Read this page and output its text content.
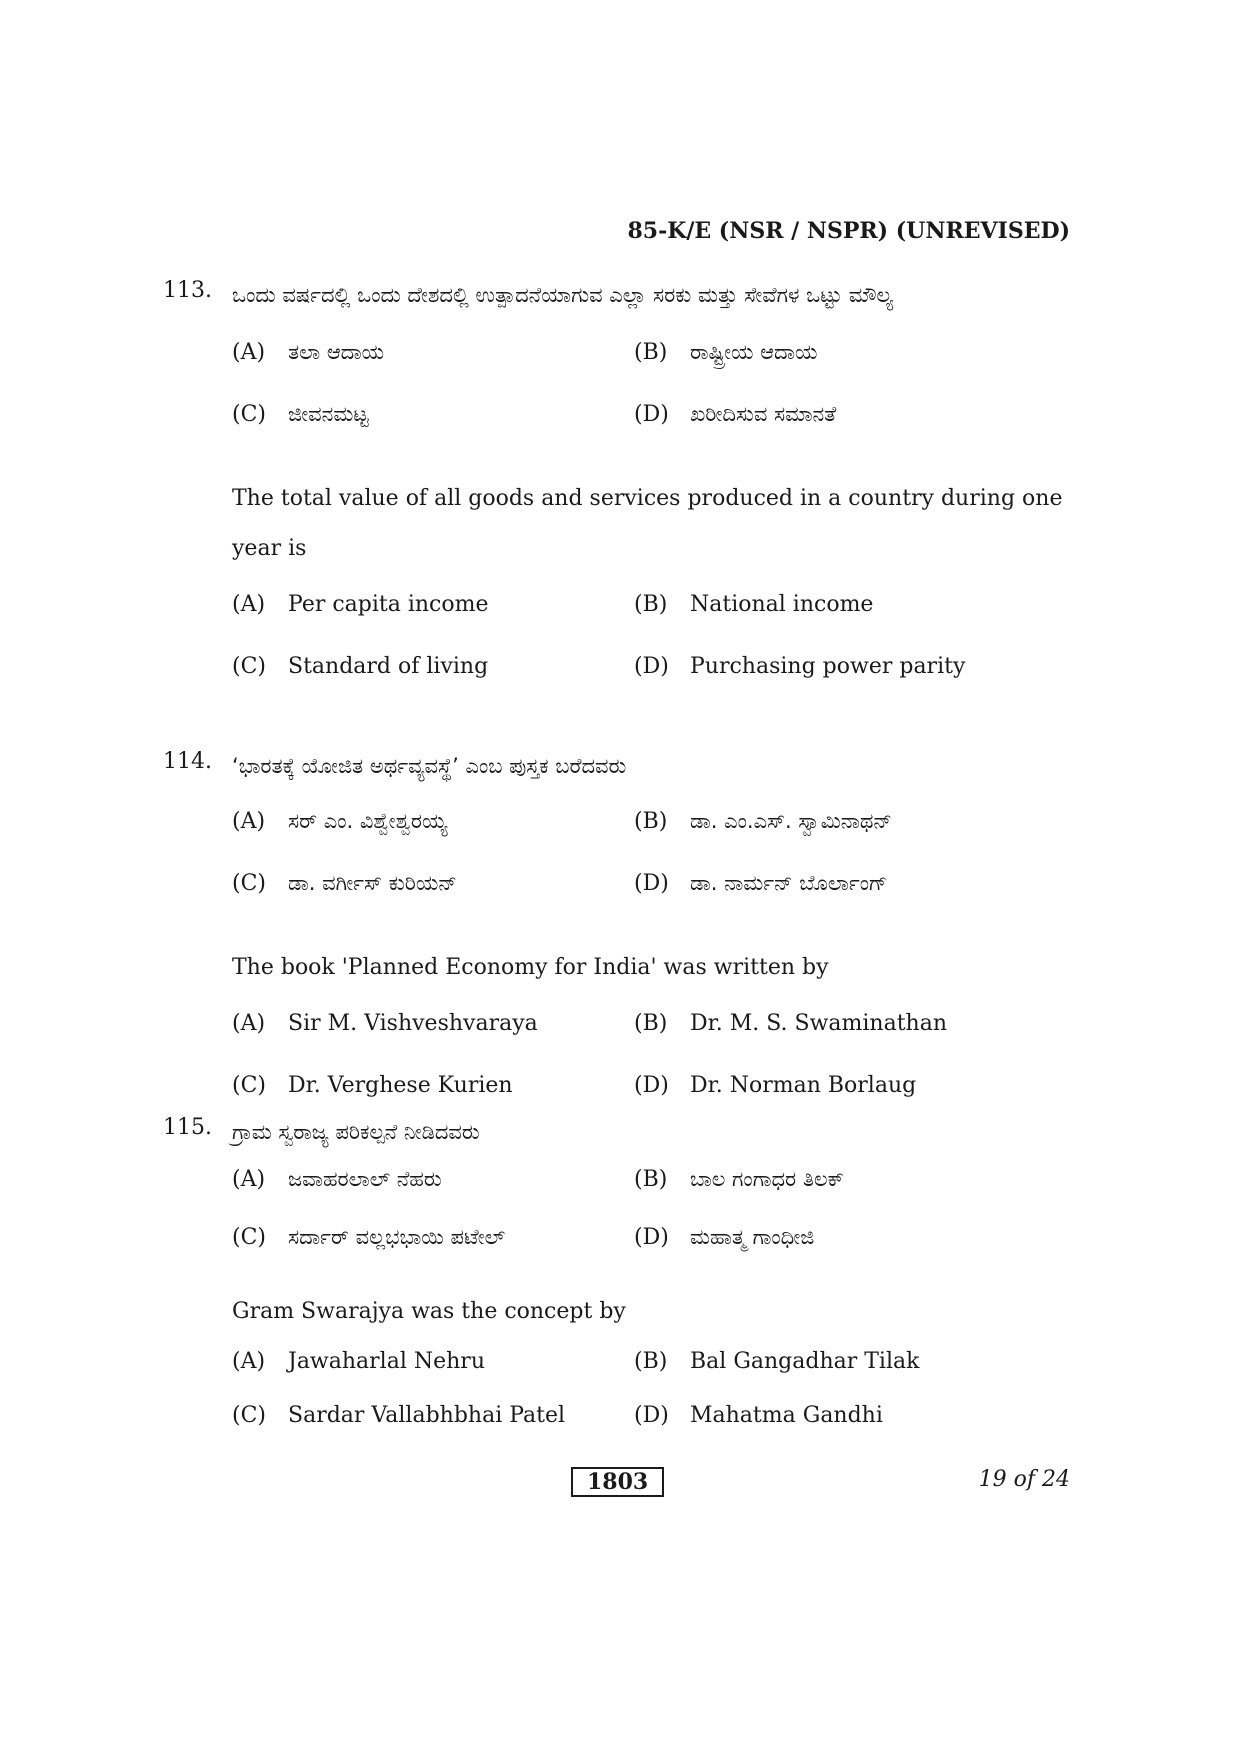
85-K/E (NSR / NSPR) (UNREVISED)
113. ಒಂದು ವರ್ಷದಲ್ಲಿ ಒಂದು ದೇಶದಲ್ಲಿ ಉತ್ಪಾದನೆಯಾಗುವ ಎಲ್ಲಾ ಸರಕು ಮತ್ತು ಸೇವೆಗಳ ಒಟ್ಟು ಮೌಲ್ಯ
(A) ತಲಾ ಆದಾಯ	(B) ರಾಷ್ಟ್ರೀಯ ಆದಾಯ
(C) ಜೀವನಮಟ್ಟ	(D) ಖರೀದಿಸುವ ಸಮಾನತೆ
The total value of all goods and services produced in a country during one year is
(A) Per capita income	(B) National income
(C) Standard of living	(D) Purchasing power parity
114. ‘ಭಾರತಕ್ಕೆ ಯೋಜಿತ ಅರ್ಥವ್ಯವಸ್ಥೆ’ ಎಂಬ ಪುಸ್ತಕ ಬರೆದವರು
(A) ಸರ್ ಎಂ. ವಿಶ್ವೇಶ್ವರಯ್ಯ	(B) ಡಾ. ಎಂ.ಎಸ್. ಸ್ವಾಮಿನಾಥನ್
(C) ಡಾ. ವರ್ಗೀಸ್ ಕುರಿಯನ್	(D) ಡಾ. ನಾರ್ಮನ್ ಬೊರ್ಲಾಂಗ್
The book 'Planned Economy for India' was written by
(A) Sir M. Vishveshvaraya	(B) Dr. M. S. Swaminathan
(C) Dr. Verghese Kurien	(D) Dr. Norman Borlaug
115. ಗ್ರಾಮ ಸ್ವರಾಜ್ಯ ಪರಿಕಲ್ಪನೆ ನೀಡಿದವರು
(A) ಜವಾಹರಲಾಲ್ ನೆಹರು	(B) ಬಾಲ ಗಂಗಾಧರ ತಿಲಕ್
(C) ಸರ್ದಾರ್ ವಲ್ಲಭಭಾಯಿ ಪಟೇಲ್	(D) ಮಹಾತ್ಮ ಗಾಂಧೀಜಿ
Gram Swarajya was the concept by
(A) Jawaharlal Nehru	(B) Bal Gangadhar Tilak
(C) Sardar Vallabhbhai Patel	(D) Mahatma Gandhi
1803	19 of 24
